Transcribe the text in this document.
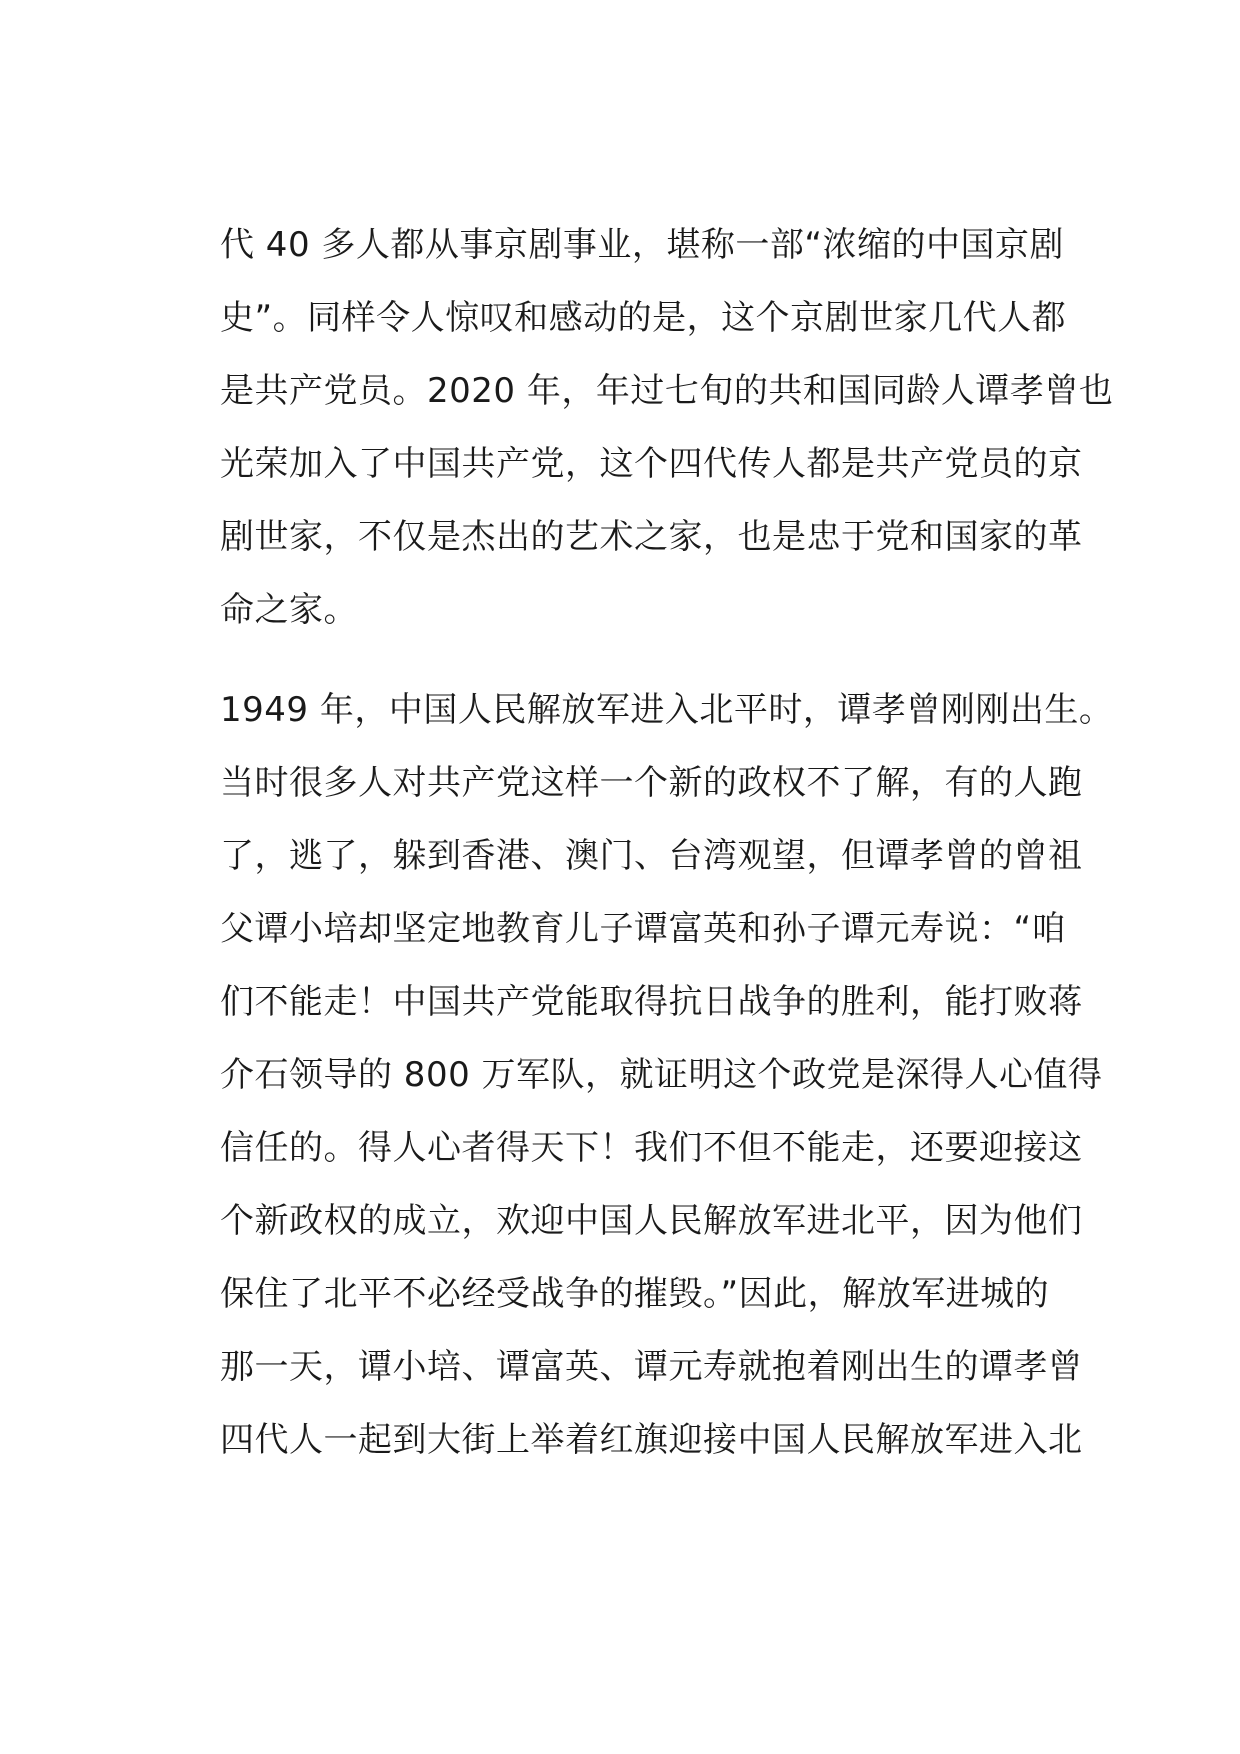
代 40 多人都从事京剧事业，堪称一部“浓缩的中国京剧
史”。同样令人惊叹和感动的是，这个京剧世家几代人都
是共产党员。2020 年，年过七旬的共和国同龄人谭孝曾也
光荣加入了中国共产党，这个四代传人都是共产党员的京
剧世家，不仅是杰出的艺术之家，也是忠于党和国家的革
命之家。
1949 年，中国人民解放军进入北平时，谭孝曾刚刚出生。
当时很多人对共产党这样一个新的政权不了解，有的人跑
了，逃了，躲到香港、澳门、台湾观望，但谭孝曾的曾祖
父谭小培却坚定地教育儿子谭富英和孙子谭元寿说：“咱
们不能走！中国共产党能取得抗日战争的胜利，能打败蒋
介石领导的 800 万军队，就证明这个政党是深得人心值得
信任的。得人心者得天下！我们不但不能走，还要迎接这
个新政权的成立，欢迎中国人民解放军进北平，因为他们
保住了北平不必经受战争的摧毁。”因此，解放军进城的
那一天，谭小培、谭富英、谭元寿就抱着刚出生的谭孝曾
四代人一起到大街上举着红旗迎接中国人民解放军进入北
